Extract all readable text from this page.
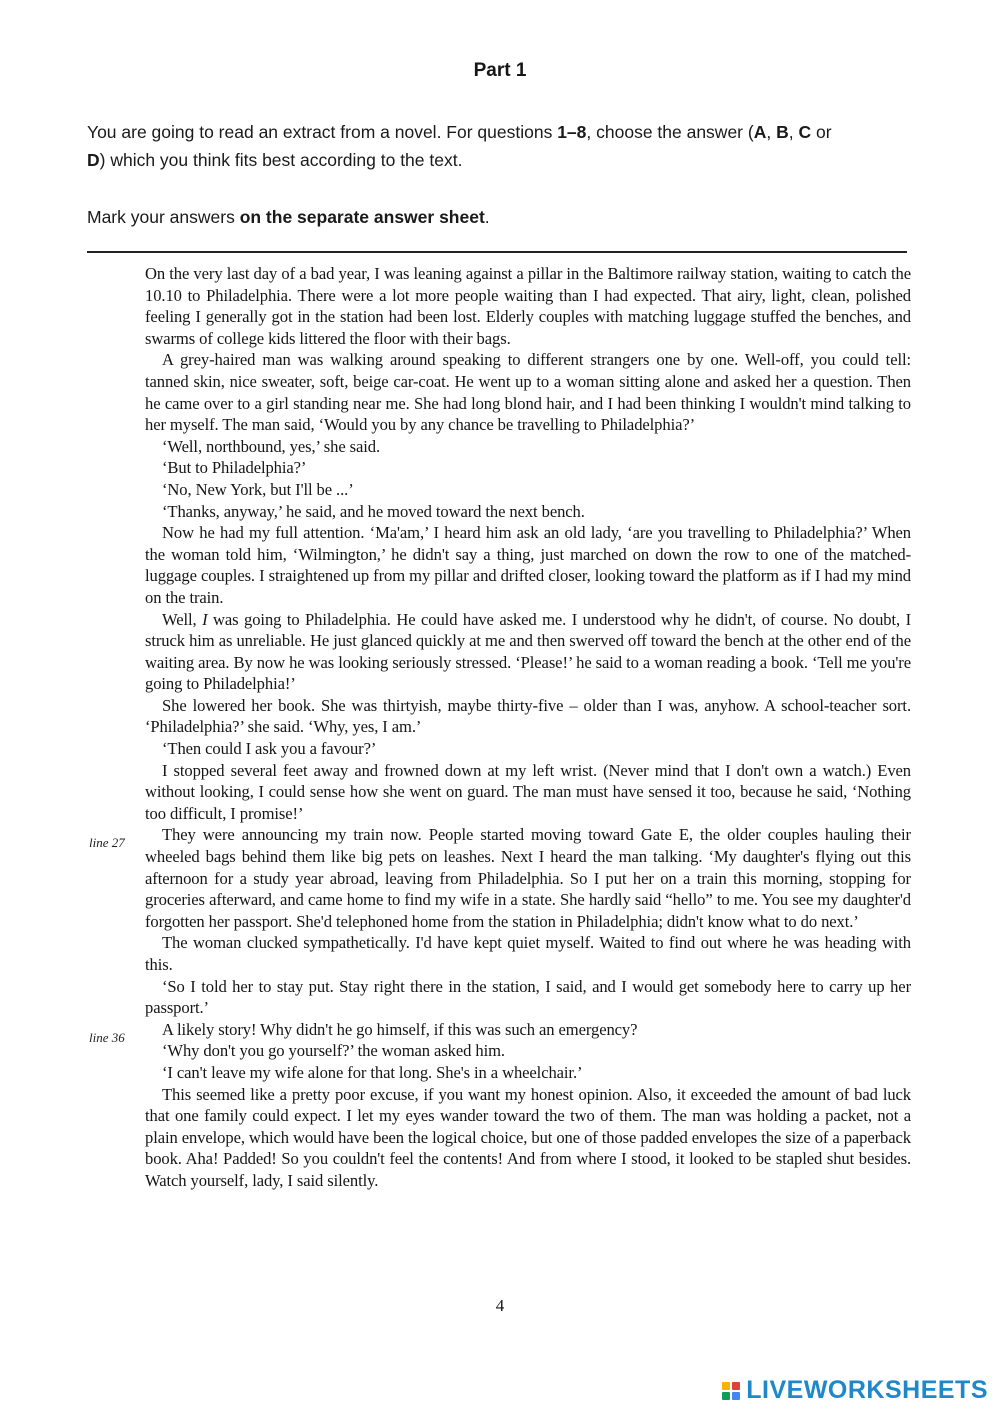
Part 1
You are going to read an extract from a novel. For questions 1–8, choose the answer (A, B, C or
D) which you think fits best according to the text.
Mark your answers on the separate answer sheet.

On the very last day of a bad year, I was leaning against a pillar in the Baltimore railway station, waiting to catch the 10.10 to Philadelphia. There were a lot more people waiting than I had expected. That airy, light, clean, polished feeling I generally got in the station had been lost. Elderly couples with matching luggage stuffed the benches, and swarms of college kids littered the floor with their bags.

A grey-haired man was walking around speaking to different strangers one by one. Well-off, you could tell: tanned skin, nice sweater, soft, beige car-coat. He went up to a woman sitting alone and asked her a question. Then he came over to a girl standing near me. She had long blond hair, and I had been thinking I wouldn't mind talking to her myself. The man said, ‘Would you by any chance be travelling to Philadelphia?’

‘Well, northbound, yes,’ she said.

‘But to Philadelphia?’

‘No, New York, but I'll be ...’

‘Thanks, anyway,’ he said, and he moved toward the next bench.

Now he had my full attention. ‘Ma'am,’ I heard him ask an old lady, ‘are you travelling to Philadelphia?’ When the woman told him, ‘Wilmington,’ he didn't say a thing, just marched on down the row to one of the matched-luggage couples. I straightened up from my pillar and drifted closer, looking toward the platform as if I had my mind on the train.

Well, I was going to Philadelphia. He could have asked me. I understood why he didn't, of course. No doubt, I struck him as unreliable. He just glanced quickly at me and then swerved off toward the bench at the other end of the waiting area. By now he was looking seriously stressed. ‘Please!’ he said to a woman reading a book. ‘Tell me you're going to Philadelphia!’

She lowered her book. She was thirtyish, maybe thirty-five – older than I was, anyhow. A school-teacher sort. ‘Philadelphia?’ she said. ‘Why, yes, I am.’

‘Then could I ask you a favour?’

I stopped several feet away and frowned down at my left wrist. (Never mind that I don't own a watch.) Even without looking, I could sense how she went on guard. The man must have sensed it too, because he said, ‘Nothing too difficult, I promise!’

They were announcing my train now. People started moving toward Gate E, the older couples hauling their wheeled bags behind them like big pets on leashes. Next I heard the man talking. ‘My daughter's flying out this afternoon for a study year abroad, leaving from Philadelphia. So I put her on a train this morning, stopping for groceries afterward, and came home to find my wife in a state. She hardly said “hello” to me. You see my daughter'd forgotten her passport. She'd telephoned home from the station in Philadelphia; didn't know what to do next.’

The woman clucked sympathetically. I'd have kept quiet myself. Waited to find out where he was heading with this.

‘So I told her to stay put. Stay right there in the station, I said, and I would get somebody here to carry up her passport.’

A likely story! Why didn't he go himself, if this was such an emergency?

‘Why don't you go yourself?’ the woman asked him.

‘I can't leave my wife alone for that long. She's in a wheelchair.’

This seemed like a pretty poor excuse, if you want my honest opinion. Also, it exceeded the amount of bad luck that one family could expect. I let my eyes wander toward the two of them. The man was holding a packet, not a plain envelope, which would have been the logical choice, but one of those padded envelopes the size of a paperback book. Aha! Padded! So you couldn't feel the contents! And from where I stood, it looked to be stapled shut besides. Watch yourself, lady, I said silently.

line 27
line 36
4
LIVEWORKSHEETS
